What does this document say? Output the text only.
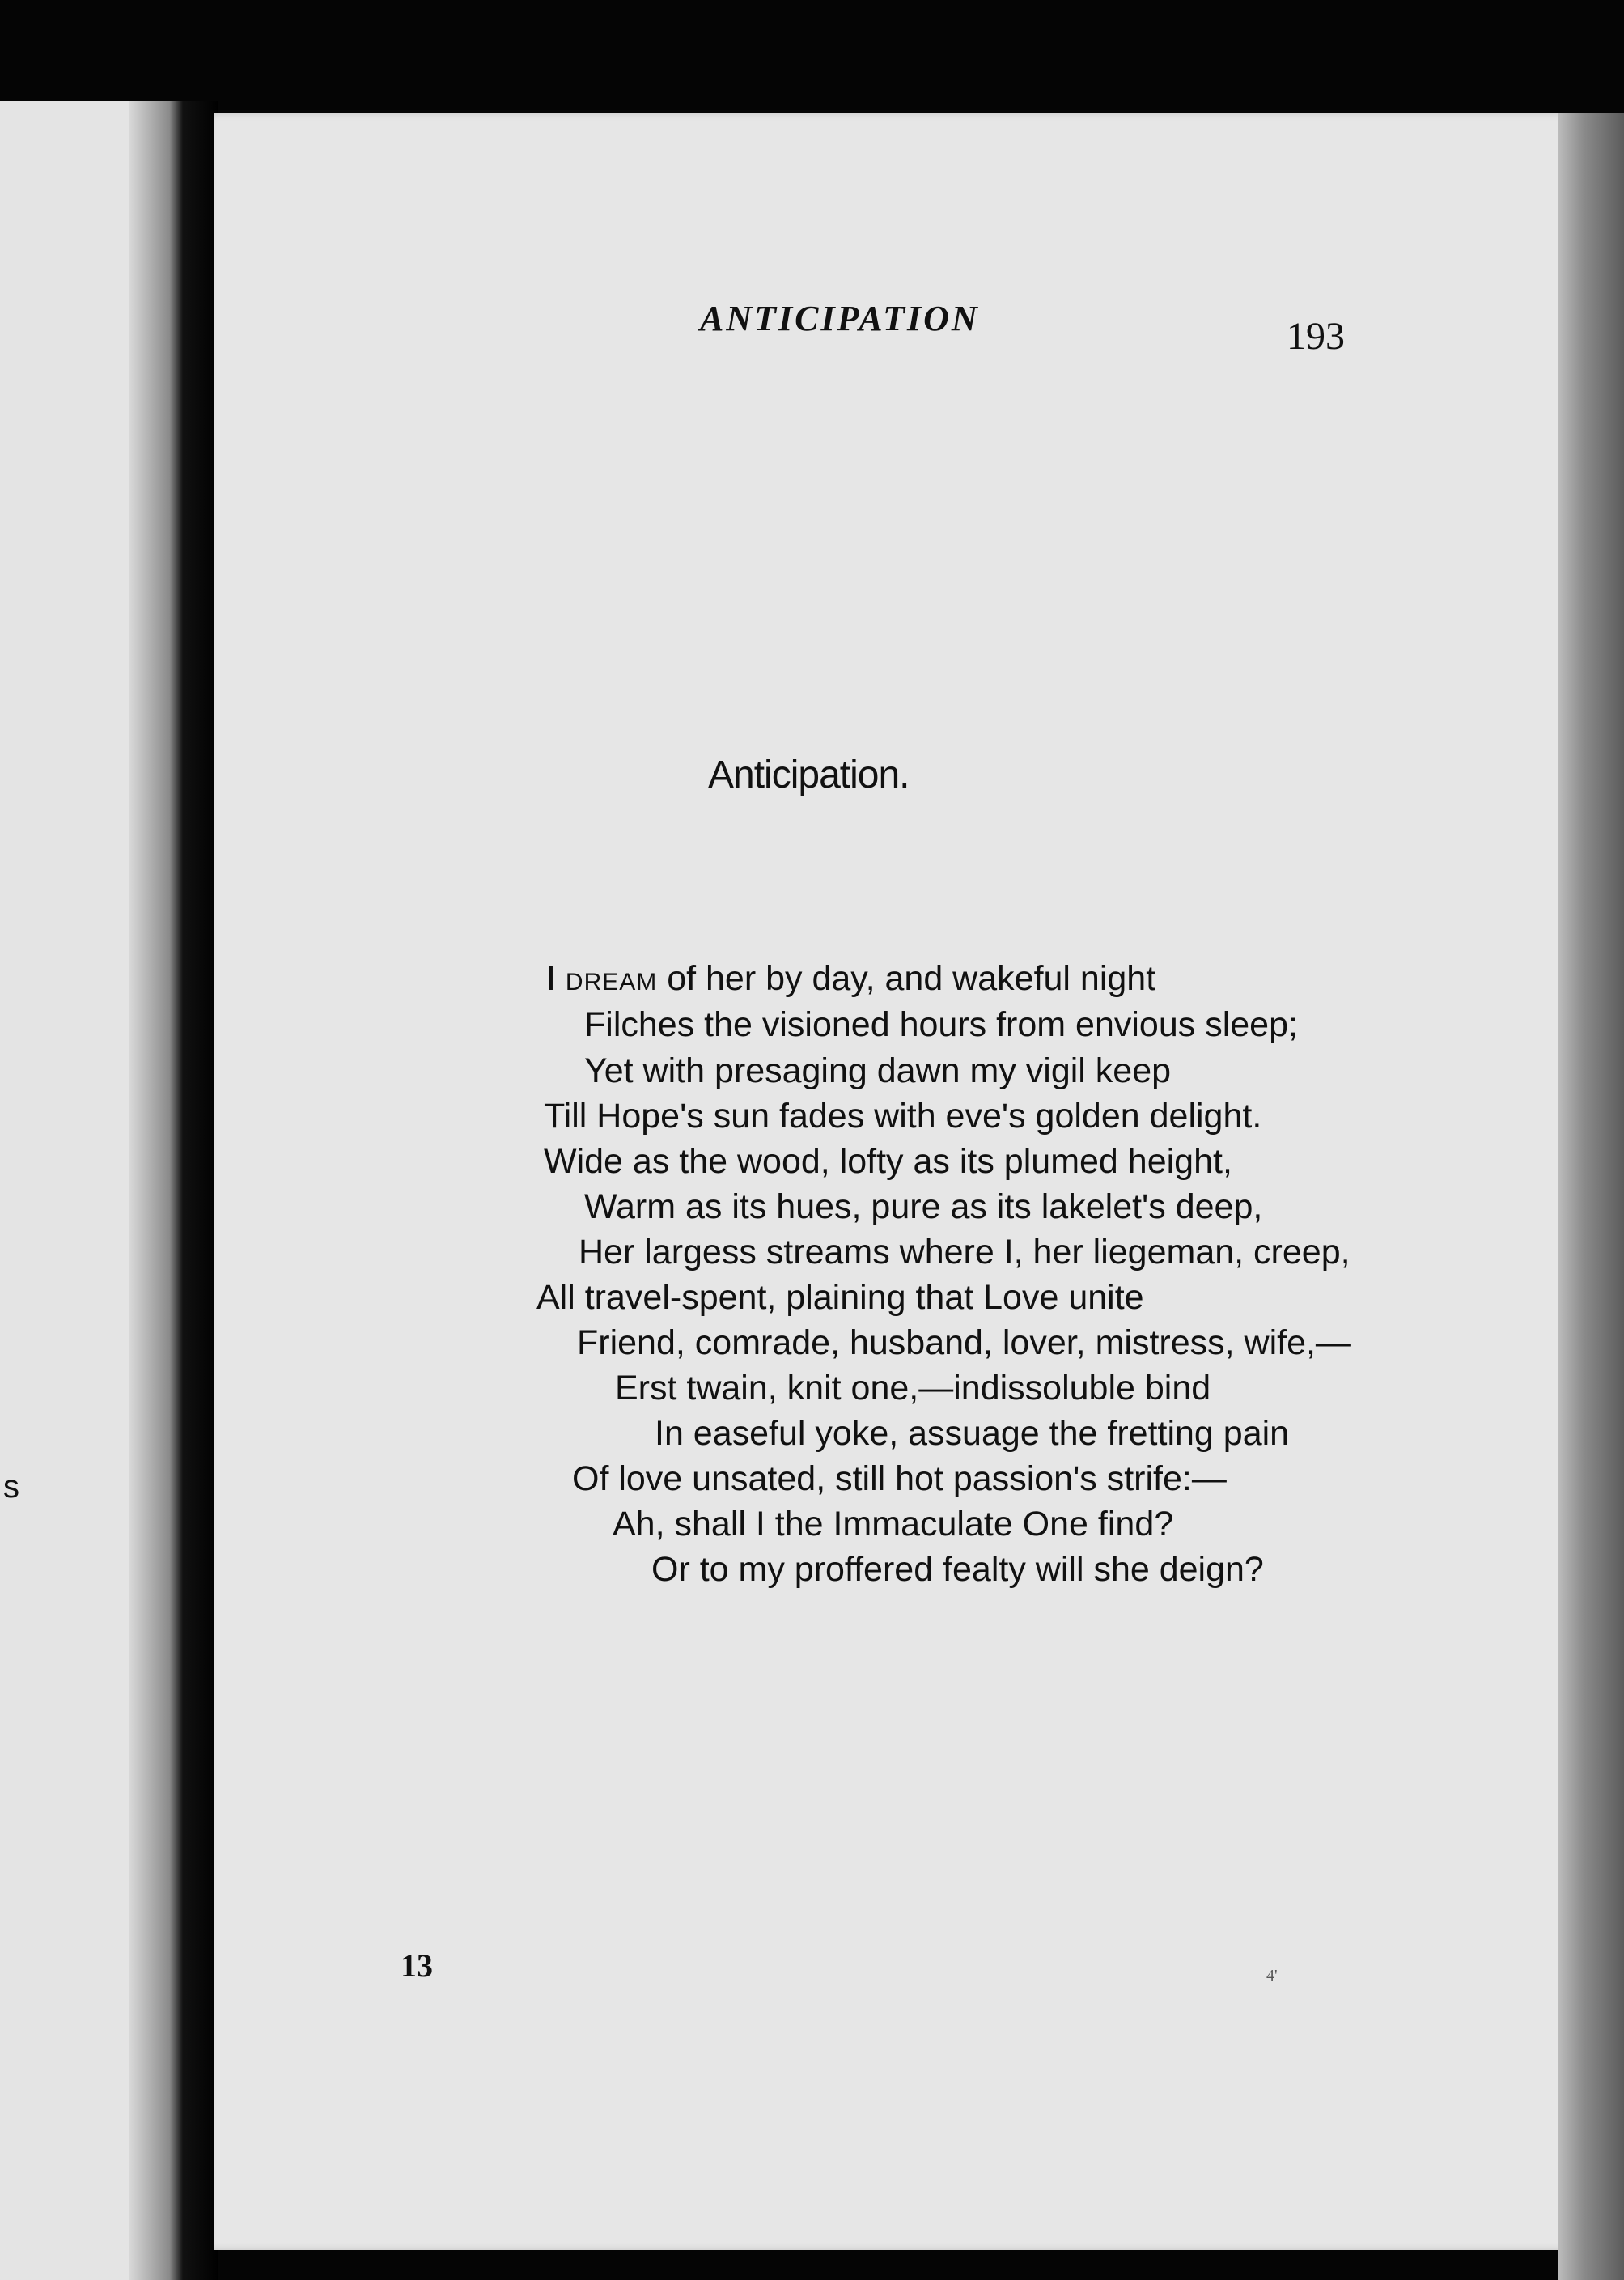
s
ANTICIPATION	193
Anticipation.
I dream of her by day, and wakeful night
Filches the visioned hours from envious sleep;
Yet with presaging dawn my vigil keep
Till Hope's sun fades with eve's golden delight.
Wide as the wood, lofty as its plumed height,
Warm as its hues, pure as its lakelet's deep,
Her largess streams where I, her liegeman, creep,
All travel-spent, plaining that Love unite
Friend, comrade, husband, lover, mistress, wife,—
Erst twain, knit one,—indissoluble bind
In easeful yoke, assuage the fretting pain
Of love unsated, still hot passion's strife:—
Ah, shall I the Immaculate One find?
Or to my proffered fealty will she deign?
13	4'
